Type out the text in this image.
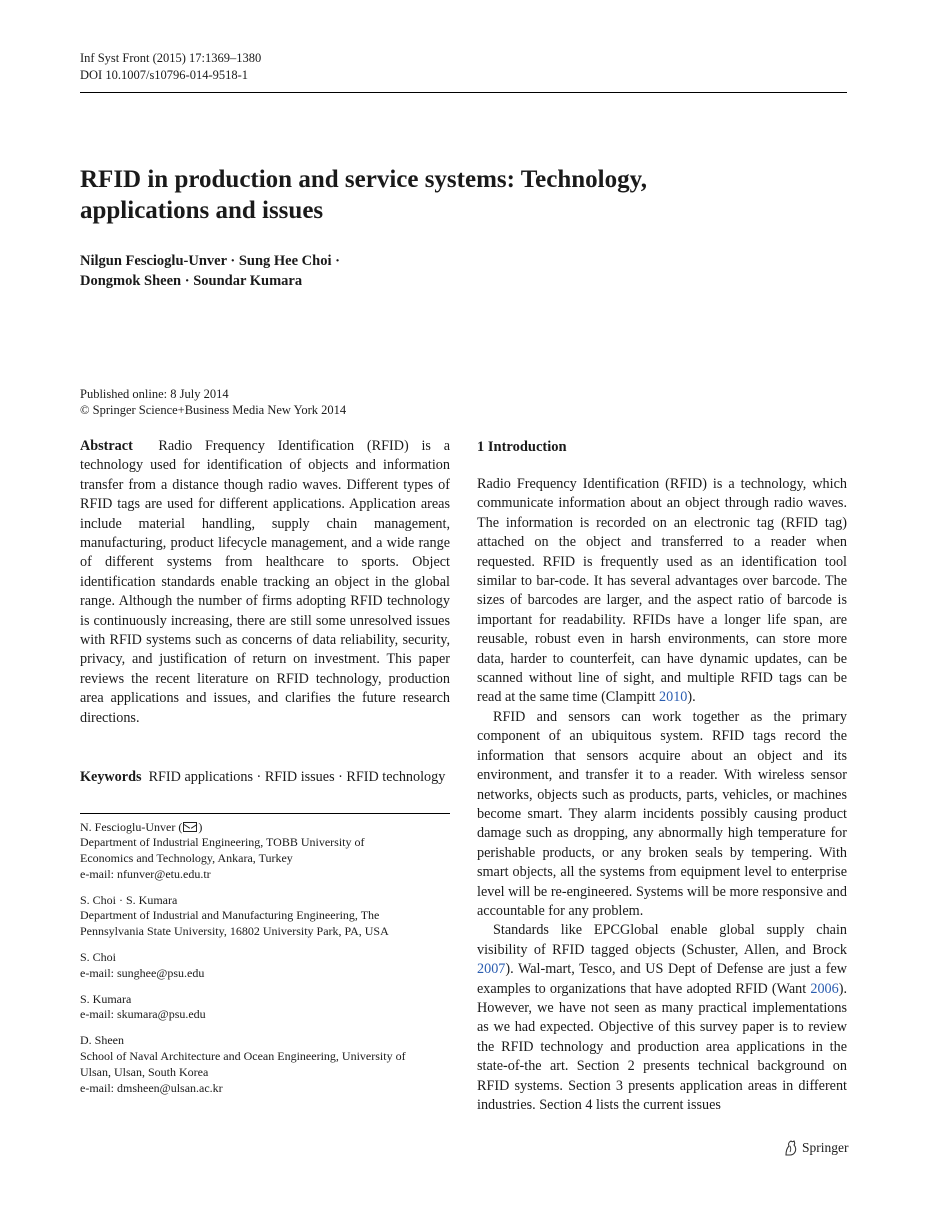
Inf Syst Front (2015) 17:1369–1380
DOI 10.1007/s10796-014-9518-1
RFID in production and service systems: Technology,
applications and issues
Nilgun Fescioglu-Unver · Sung Hee Choi ·
Dongmok Sheen · Soundar Kumara
Published online: 8 July 2014
© Springer Science+Business Media New York 2014

Abstract Radio Frequency Identification (RFID) is a technology used for identification of objects and information transfer from a distance though radio waves. Different types of RFID tags are used for different applications. Application areas include material handling, supply chain management, manufacturing, product lifecycle management, and a wide range of different systems from healthcare to sports. Object identification standards enable tracking an object in the global range. Although the number of firms adopting RFID technology is continuously increasing, there are still some unresolved issues with RFID systems such as concerns of data reliability, security, privacy, and justification of return on investment. This paper reviews the recent literature on RFID technology, production area applications and issues, and clarifies the future research directions.

Keywords RFID applications · RFID issues · RFID technology

N. Fescioglu-Unver ( )

Department of Industrial Engineering, TOBB University of

Economics and Technology, Ankara, Turkey

e-mail: nfunver@etu.edu.tr

S. Choi · S. Kumara

Department of Industrial and Manufacturing Engineering, The

Pennsylvania State University, 16802 University Park, PA, USA

S. Choi

e-mail: sunghee@psu.edu

S. Kumara

e-mail: skumara@psu.edu

D. Sheen

School of Naval Architecture and Ocean Engineering, University of

Ulsan, Ulsan, South Korea

e-mail: dmsheen@ulsan.ac.kr

1 Introduction

Radio Frequency Identification (RFID) is a technology, which communicate information about an object through radio waves. The information is recorded on an electronic tag (RFID tag) attached on the object and transferred to a reader when requested. RFID is frequently used as an identification tool similar to bar-code. It has several advantages over barcode. The sizes of barcodes are larger, and the aspect ratio of barcode is important for readability. RFIDs have a longer life span, are reusable, robust even in harsh environments, can store more data, harder to counterfeit, can have dynamic updates, can be scanned without line of sight, and multiple RFID tags can be read at the same time (Clampitt 2010).

RFID and sensors can work together as the primary component of an ubiquitous system. RFID tags record the information that sensors acquire about an object and its environment, and transfer it to a reader. With wireless sensor networks, objects such as products, parts, vehicles, or machines become smart. They alarm incidents possibly causing product damage such as dropping, any abnormally high temperature for perishable products, or any broken seals by tempering. With smart objects, all the systems from equipment level to enterprise level will be re-engineered. Systems will be more responsive and accountable for any problem.

Standards like EPCGlobal enable global supply chain visibility of RFID tagged objects (Schuster, Allen, and Brock 2007). Wal-mart, Tesco, and US Dept of Defense are just a few examples to organizations that have adopted RFID (Want 2006). However, we have not seen as many practical implementations as we had expected. Objective of this survey paper is to review the RFID technology and production area applications in the state-of-the art. Section 2 presents technical background on RFID systems. Section 3 presents application areas in different industries. Section 4 lists the current issues

Springer
